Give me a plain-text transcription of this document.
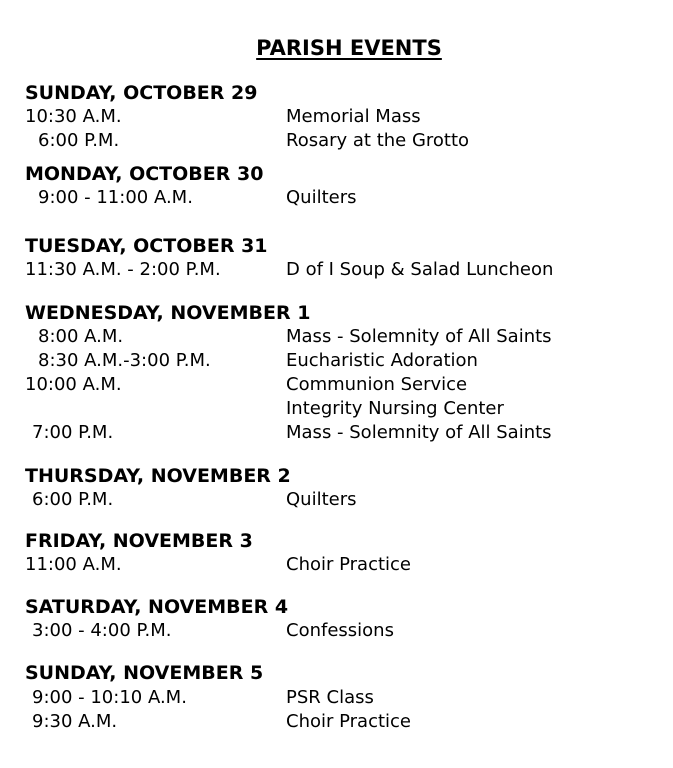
PARISH EVENTS
SUNDAY, OCTOBER 29
10:30 A.M.	Memorial Mass
6:00 P.M.	Rosary at the Grotto
MONDAY, OCTOBER 30
9:00 - 11:00 A.M.	Quilters
TUESDAY, OCTOBER 31
11:30 A.M. - 2:00 P.M.	D of I Soup & Salad Luncheon
WEDNESDAY, NOVEMBER 1
8:00 A.M.	Mass - Solemnity of All Saints
8:30 A.M.-3:00 P.M.	Eucharistic Adoration
10:00 A.M.	Communion Service
Integrity Nursing Center
7:00 P.M.	Mass - Solemnity of All Saints
THURSDAY, NOVEMBER 2
6:00 P.M.	Quilters
FRIDAY, NOVEMBER 3
11:00 A.M.	Choir Practice
SATURDAY, NOVEMBER 4
3:00 - 4:00 P.M.	Confessions
SUNDAY, NOVEMBER 5
9:00 - 10:10 A.M.	PSR Class
9:30 A.M.	Choir Practice
